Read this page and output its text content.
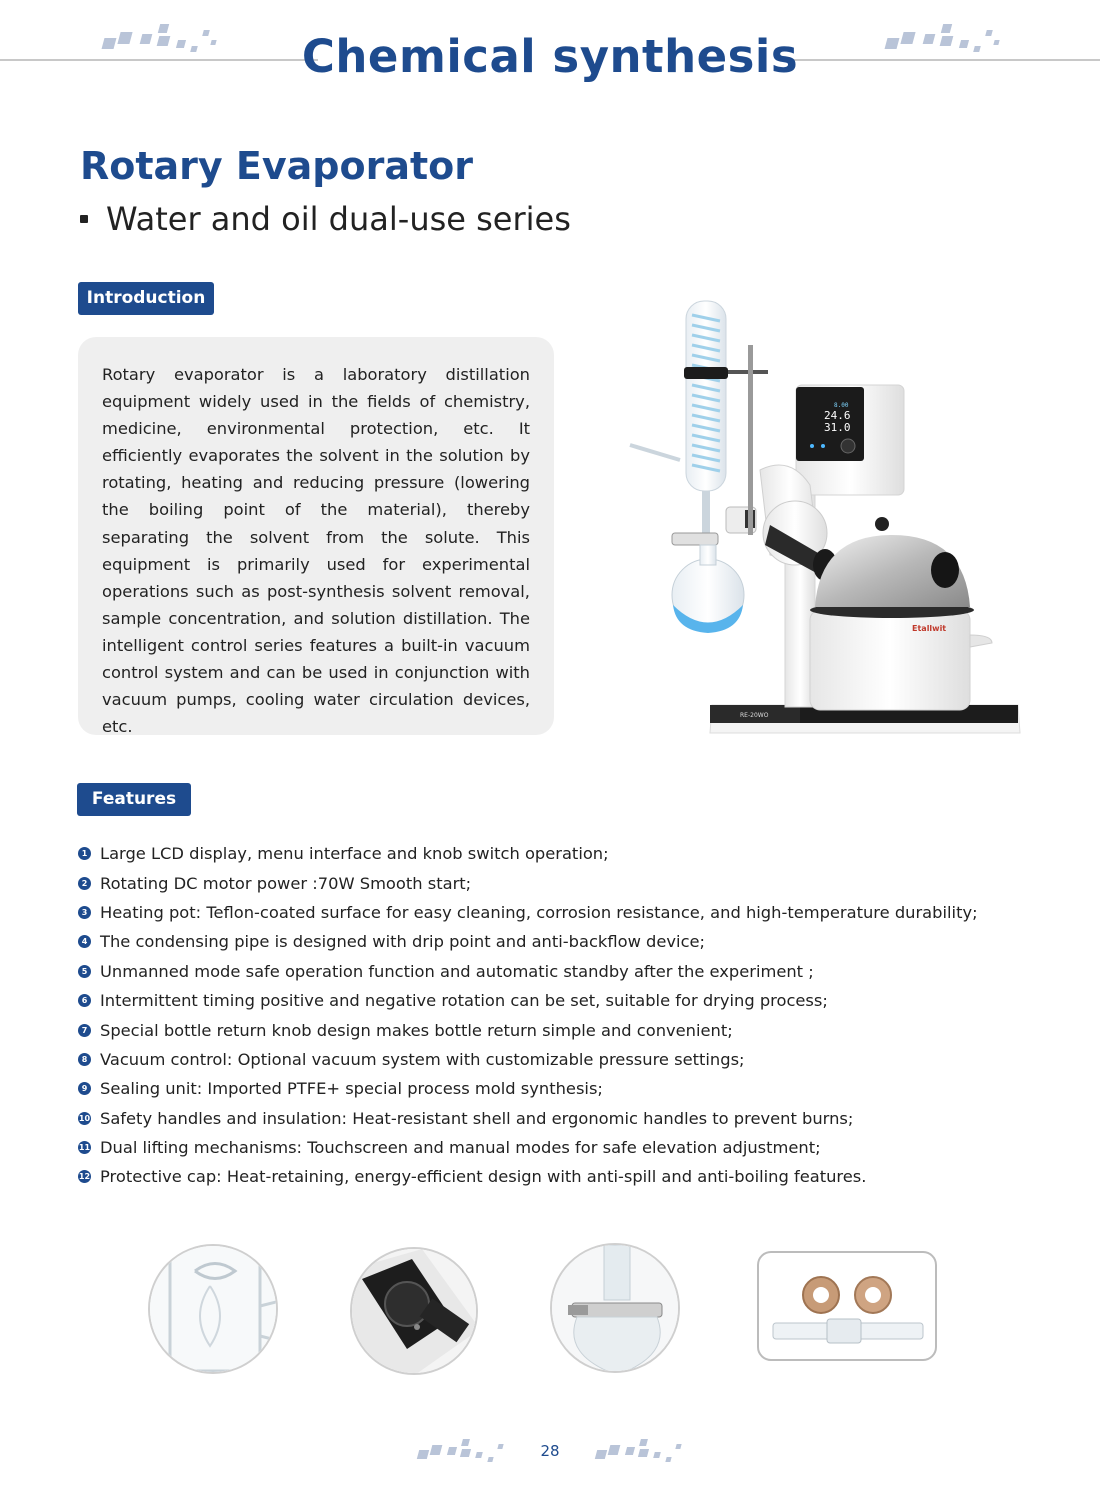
Chemical synthesis
Rotary Evaporator
Water and oil dual-use series
Introduction

Rotary evaporator is a laboratory distillation equipment widely used in the fields of chemistry, medicine, environmental protection, etc. It efficiently evaporates the solvent in the solution by rotating, heating and reducing pressure (lowering the boiling point of the material), thereby separating the solvent from the solute. This equipment is primarily used for experimental operations such as post-synthesis solvent removal, sample concentration, and solution distillation. The intelligent control series features a built-in vacuum control system and can be used in conjunction with vacuum pumps, cooling water circulation devices, etc.

RE-20WO
8.00
24.6
31.0
Etallwit
Features
1 Large LCD display, menu interface and knob switch operation;
2 Rotating DC motor power :70W Smooth start;
3 Heating pot: Teflon-coated surface for easy cleaning, corrosion resistance, and high-temperature durability;
4 The condensing pipe is designed with drip point and anti-backflow device;
5 Unmanned mode safe operation function and automatic standby after the experiment ;
6 Intermittent timing positive and negative rotation can be set, suitable for drying process;
7 Special bottle return knob design makes bottle return simple and convenient;
8 Vacuum control: Optional vacuum system with customizable pressure settings;
9 Sealing unit: Imported PTFE+ special process mold synthesis;
10 Safety handles and insulation: Heat-resistant shell and ergonomic handles to prevent burns;
11 Dual lifting mechanisms: Touchscreen and manual modes for safe elevation adjustment;
12 Protective cap: Heat-retaining, energy-efficient design with anti-spill and anti-boiling features.
28
